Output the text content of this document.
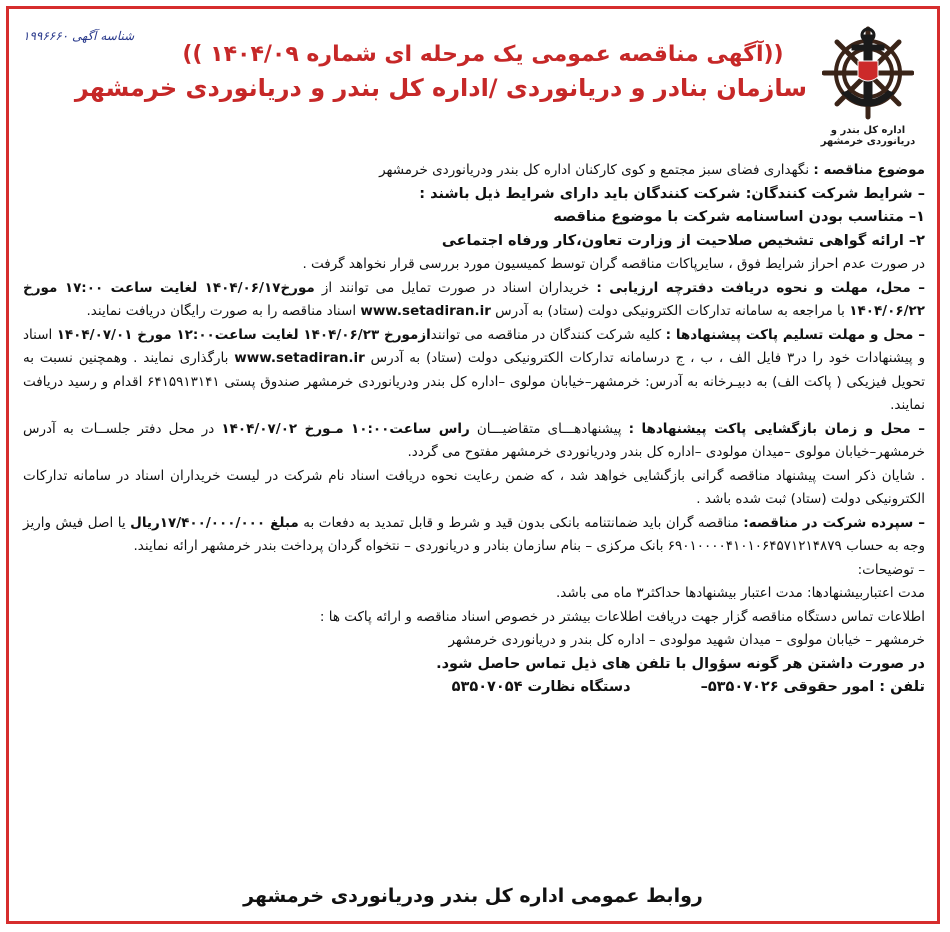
شناسه آگهی ۱۹۹۶۶۶۰
اداره کل بندر و دریانوردی خرمشهر
((آگهی مناقصه عمومی یک مرحله ای شماره ۱۴۰۴/۰۹ ))
سازمان بنادر و دریانوردی /اداره کل بندر و دریانوردی خرمشهر

موضوع مناقصه : نگهداری فضای سبز مجتمع و کوی کارکنان اداره کل بندر ودریانوردی خرمشهر

– شرایط شرکت کنندگان: شرکت کنندگان باید دارای شرایط ذیل باشند :

۱– متناسب بودن اساسنامه شرکت با موضوع مناقصه

۲– ارائه گواهی تشخیص صلاحیت از وزارت تعاون،کار ورفاه اجتماعی

در صورت عدم احراز شرایط فوق ، سایرپاکات مناقصه گران توسط کمیسیون مورد بررسی قرار نخواهد گرفت .

– محل، مهلت و نحوه دریافت دفترچه ارزیابی : خریداران اسناد در صورت تمایل می توانند از مورخ۱۴۰۴/۰۶/۱۷ لغایت ساعت ۱۷:۰۰ مورخ ۱۴۰۴/۰۶/۲۲ با مراجعه به سامانه تدارکات الکترونیکی دولت (ستاد) به آدرس www.setadiran.ir اسناد مناقصه را به صورت رایگان دریافت نمایند.

– محل و مهلت تسلیم پاکت پیشنهادها : کلیه شرکت کنندگان در مناقصه می توانندازمورخ ۱۴۰۴/۰۶/۲۳ لغایت ساعت۱۲:۰۰ مورخ ۱۴۰۴/۰۷/۰۱ اسناد و پیشنهادات خود را در۳ فایل الف ، ب ، ج درسامانه تدارکات الکترونیکی دولت (ستاد) به آدرس www.setadiran.ir بارگذاری نمایند . وهمچنین نسبت به تحویل فیزیکی ( پاکت الف) به دبیـرخانه به آدرس: خرمشهر–خیابان مولوی –اداره کل بندر ودریانوردی خرمشهر صندوق پستی ۶۴۱۵۹۱۳۱۴۱ اقدام و رسید دریافت نمایند.

– محل و زمان بازگشایی پاکت پیشنهادها : پیشنهادهـــای متقاضیـــان راس ساعت۱۰:۰۰ مـورخ ۱۴۰۴/۰۷/۰۲ در محل دفتر جلســات به آدرس خرمشهر–خیابان مولوی –میدان مولودی –اداره کل بندر ودریانوردی خرمشهر مفتوح می گردد.

. شایان ذکر است پیشنهاد مناقصه گرانی بازگشایی خواهد شد ، که ضمن رعایت نحوه دریافت اسناد نام شرکت در لیست خریداران اسناد در سامانه تدارکات الکترونیکی دولت (ستاد) ثبت شده باشد .

– سپرده شرکت در مناقصه: مناقصه گران باید ضمانتنامه بانکی بدون قید و شرط و قابل تمدید به دفعات به مبلغ ۱۷/۴۰۰/۰۰۰/۰۰۰ریال یا اصل فیش واریز وجه به حساب ۶۹۰۱۰۰۰۰۴۱۰۱۰۶۴۵۷۱۲۱۴۸۷۹ بانک مرکزی – بنام سازمان بنادر و دریانوردی – نتخواه گردان پرداخت بندر خرمشهر ارائه نمایند.

– توضیحات:

مدت اعتباربیشنهادها: مدت اعتبار بیشنهادها حداکثر۳ ماه می باشد.

اطلاعات تماس دستگاه مناقصه گزار جهت دریافت اطلاعات بیشتر در خصوص اسناد مناقصه و ارائه پاکت ها :

خرمشهر – خیابان مولوی – میدان شهید مولودی – اداره کل بندر و دریانوردی خرمشهر

در صورت داشتن هر گونه سؤوال با تلفن های ذیل تماس حاصل شود.

تلفن : امور حقوقی ۵۳۵۰۷۰۲۶–
دستگاه نظارت ۵۳۵۰۷۰۵۴
روابط عمومی اداره کل بندر ودریانوردی خرمشهر
